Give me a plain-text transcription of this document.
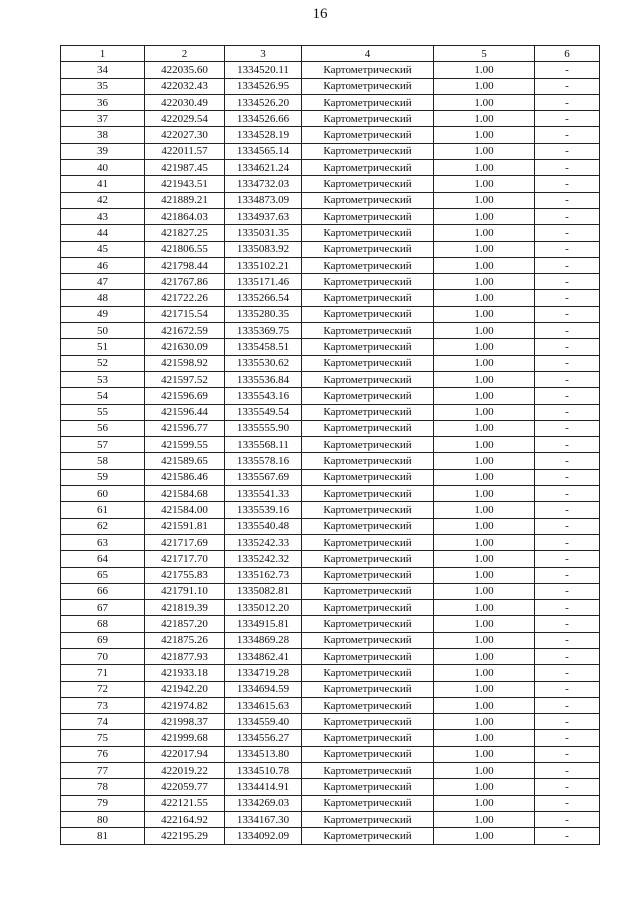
16
1	2	3	4	5	6
34	422035.60	1334520.11	Картометрический	1.00	-
35	422032.43	1334526.95	Картометрический	1.00	-
36	422030.49	1334526.20	Картометрический	1.00	-
37	422029.54	1334526.66	Картометрический	1.00	-
38	422027.30	1334528.19	Картометрический	1.00	-
39	422011.57	1334565.14	Картометрический	1.00	-
40	421987.45	1334621.24	Картометрический	1.00	-
41	421943.51	1334732.03	Картометрический	1.00	-
42	421889.21	1334873.09	Картометрический	1.00	-
43	421864.03	1334937.63	Картометрический	1.00	-
44	421827.25	1335031.35	Картометрический	1.00	-
45	421806.55	1335083.92	Картометрический	1.00	-
46	421798.44	1335102.21	Картометрический	1.00	-
47	421767.86	1335171.46	Картометрический	1.00	-
48	421722.26	1335266.54	Картометрический	1.00	-
49	421715.54	1335280.35	Картометрический	1.00	-
50	421672.59	1335369.75	Картометрический	1.00	-
51	421630.09	1335458.51	Картометрический	1.00	-
52	421598.92	1335530.62	Картометрический	1.00	-
53	421597.52	1335536.84	Картометрический	1.00	-
54	421596.69	1335543.16	Картометрический	1.00	-
55	421596.44	1335549.54	Картометрический	1.00	-
56	421596.77	1335555.90	Картометрический	1.00	-
57	421599.55	1335568.11	Картометрический	1.00	-
58	421589.65	1335578.16	Картометрический	1.00	-
59	421586.46	1335567.69	Картометрический	1.00	-
60	421584.68	1335541.33	Картометрический	1.00	-
61	421584.00	1335539.16	Картометрический	1.00	-
62	421591.81	1335540.48	Картометрический	1.00	-
63	421717.69	1335242.33	Картометрический	1.00	-
64	421717.70	1335242.32	Картометрический	1.00	-
65	421755.83	1335162.73	Картометрический	1.00	-
66	421791.10	1335082.81	Картометрический	1.00	-
67	421819.39	1335012.20	Картометрический	1.00	-
68	421857.20	1334915.81	Картометрический	1.00	-
69	421875.26	1334869.28	Картометрический	1.00	-
70	421877.93	1334862.41	Картометрический	1.00	-
71	421933.18	1334719.28	Картометрический	1.00	-
72	421942.20	1334694.59	Картометрический	1.00	-
73	421974.82	1334615.63	Картометрический	1.00	-
74	421998.37	1334559.40	Картометрический	1.00	-
75	421999.68	1334556.27	Картометрический	1.00	-
76	422017.94	1334513.80	Картометрический	1.00	-
77	422019.22	1334510.78	Картометрический	1.00	-
78	422059.77	1334414.91	Картометрический	1.00	-
79	422121.55	1334269.03	Картометрический	1.00	-
80	422164.92	1334167.30	Картометрический	1.00	-
81	422195.29	1334092.09	Картометрический	1.00	-
